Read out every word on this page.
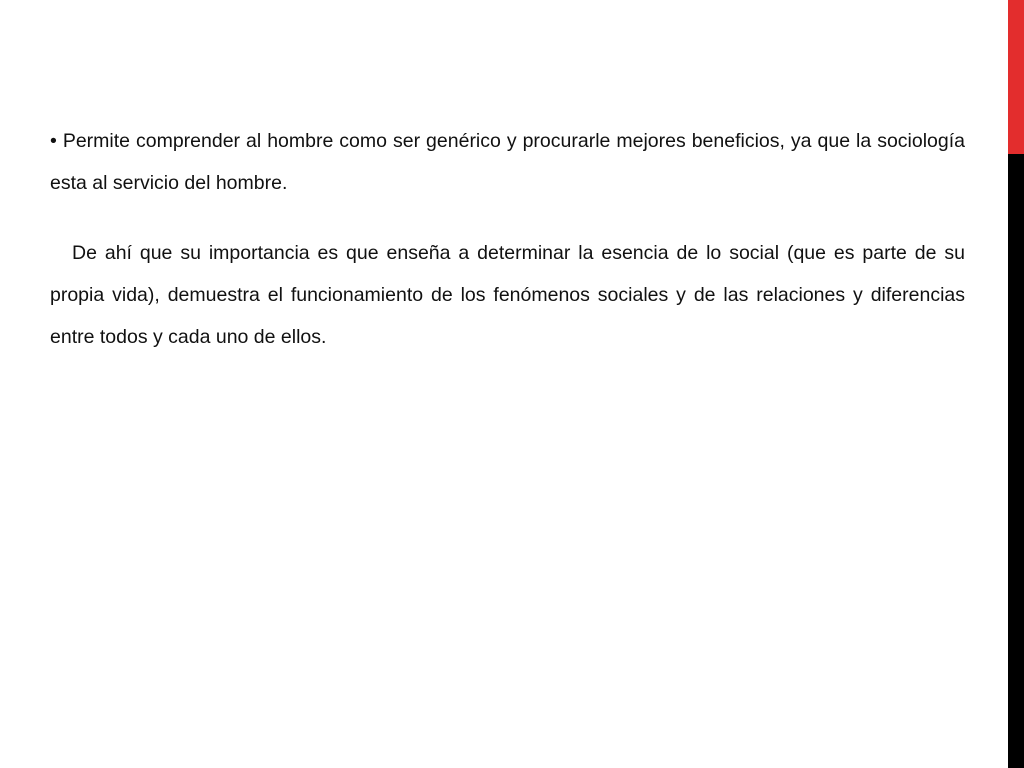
• Permite comprender al hombre como ser genérico y procurarle mejores beneficios, ya que la sociología esta al servicio del hombre.

De ahí que su importancia es que enseña a determinar la esencia de lo social (que es parte de su propia vida), demuestra el funcionamiento de los fenómenos sociales y de las relaciones y diferencias entre todos y cada uno de ellos.
